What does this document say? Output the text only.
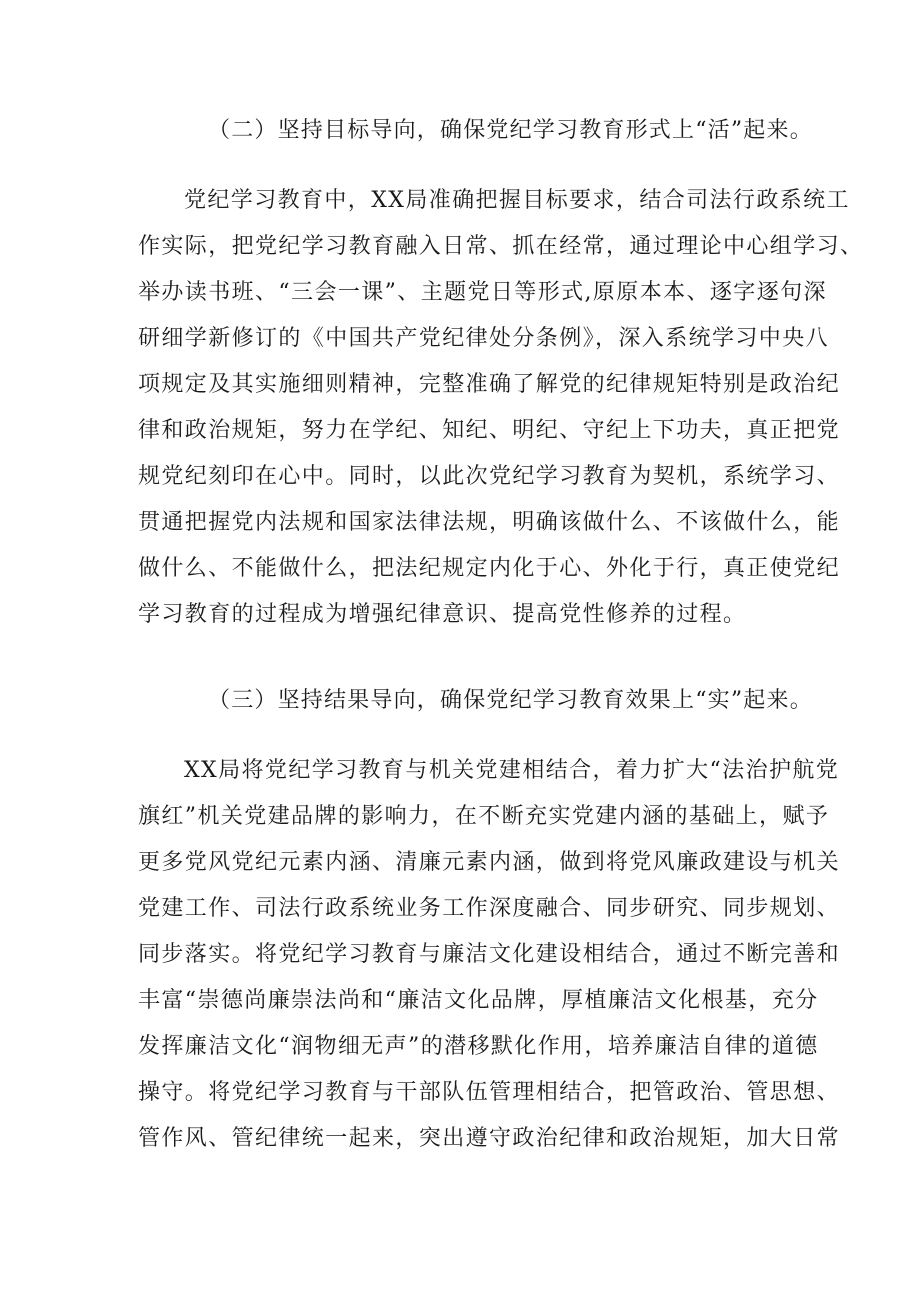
（二）坚持目标导向，确保党纪学习教育形式上“活”起来。
党纪学习教育中，XX局准确把握目标要求，结合司法行政系统工
作实际，把党纪学习教育融入日常、抓在经常，通过理论中心组学习、
举办读书班、“三会一课”、主题党日等形式,原原本本、逐字逐句深
研细学新修订的《中国共产党纪律处分条例》，深入系统学习中央八
项规定及其实施细则精神，完整准确了解党的纪律规矩特别是政治纪
律和政治规矩，努力在学纪、知纪、明纪、守纪上下功夫，真正把党
规党纪刻印在心中。同时，以此次党纪学习教育为契机，系统学习、
贯通把握党内法规和国家法律法规，明确该做什么、不该做什么，能
做什么、不能做什么，把法纪规定内化于心、外化于行，真正使党纪
学习教育的过程成为增强纪律意识、提高党性修养的过程。
（三）坚持结果导向，确保党纪学习教育效果上“实”起来。
XX局将党纪学习教育与机关党建相结合，着力扩大“法治护航党
旗红”机关党建品牌的影响力，在不断充实党建内涵的基础上，赋予
更多党风党纪元素内涵、清廉元素内涵，做到将党风廉政建设与机关
党建工作、司法行政系统业务工作深度融合、同步研究、同步规划、
同步落实。将党纪学习教育与廉洁文化建设相结合，通过不断完善和
丰富“崇德尚廉崇法尚和“廉洁文化品牌，厚植廉洁文化根基，充分
发挥廉洁文化“润物细无声”的潜移默化作用，培养廉洁自律的道德
操守。将党纪学习教育与干部队伍管理相结合，把管政治、管思想、
管作风、管纪律统一起来，突出遵守政治纪律和政治规矩，加大日常
